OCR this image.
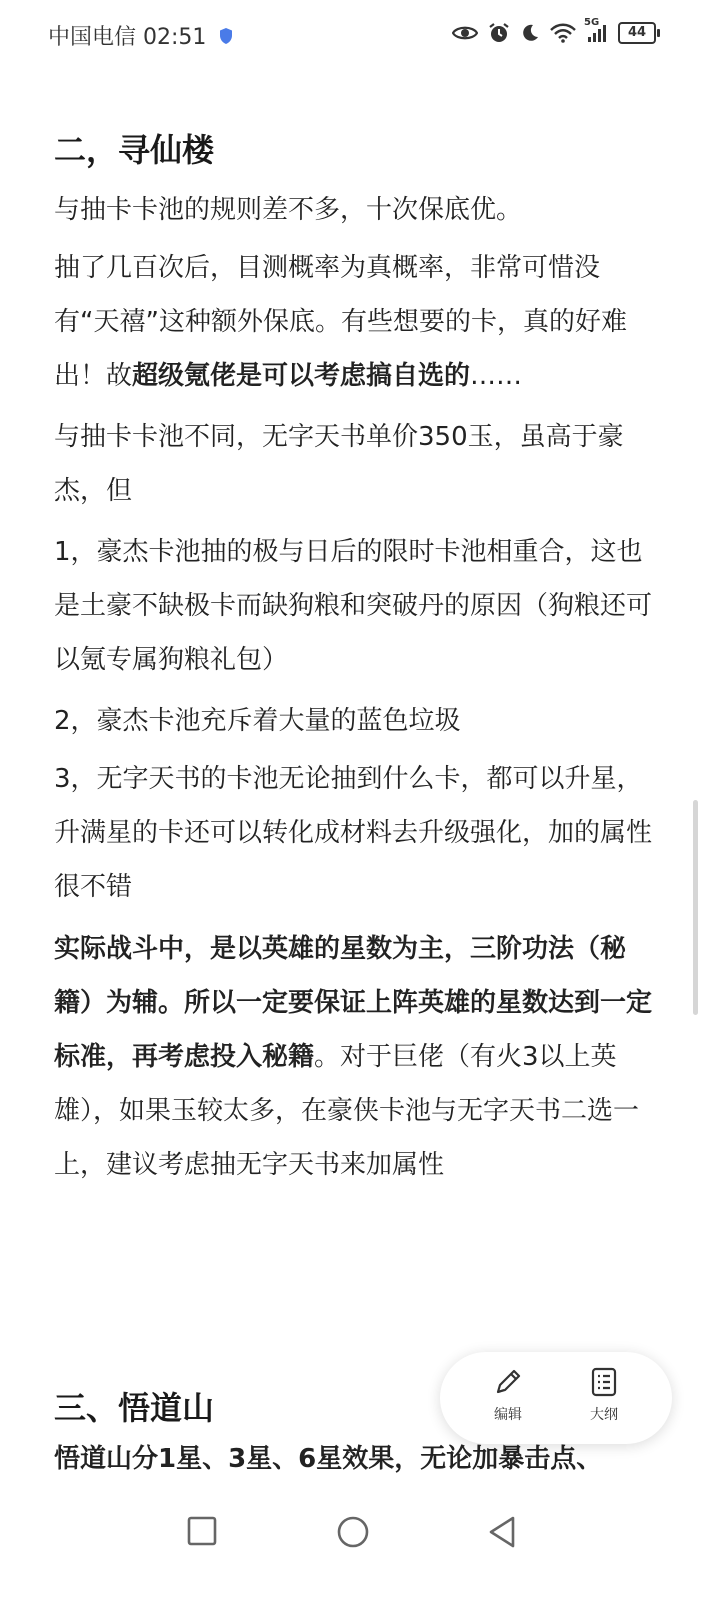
中国电信 02:51
5G
44
二，寻仙楼
与抽卡卡池的规则差不多，十次保底优。
抽了几百次后，目测概率为真概率，非常可惜没有“天禧”这种额外保底。有些想要的卡，真的好难出！故超级氪佬是可以考虑搞自选的……
与抽卡卡池不同，无字天书单价350玉，虽高于豪杰，但
1，豪杰卡池抽的极与日后的限时卡池相重合，这也是土豪不缺极卡而缺狗粮和突破丹的原因（狗粮还可以氪专属狗粮礼包）
2，豪杰卡池充斥着大量的蓝色垃圾
3，无字天书的卡池无论抽到什么卡，都可以升星，升满星的卡还可以转化成材料去升级强化，加的属性很不错
实际战斗中，是以英雄的星数为主，三阶功法（秘籍）为辅。所以一定要保证上阵英雄的星数达到一定标准，再考虑投入秘籍。对于巨佬（有火3以上英雄），如果玉较太多，在豪侠卡池与无字天书二选一上，建议考虑抽无字天书来加属性
三、悟道山
悟道山分1星、3星、6星效果，无论加暴击点、
编辑	大纲
